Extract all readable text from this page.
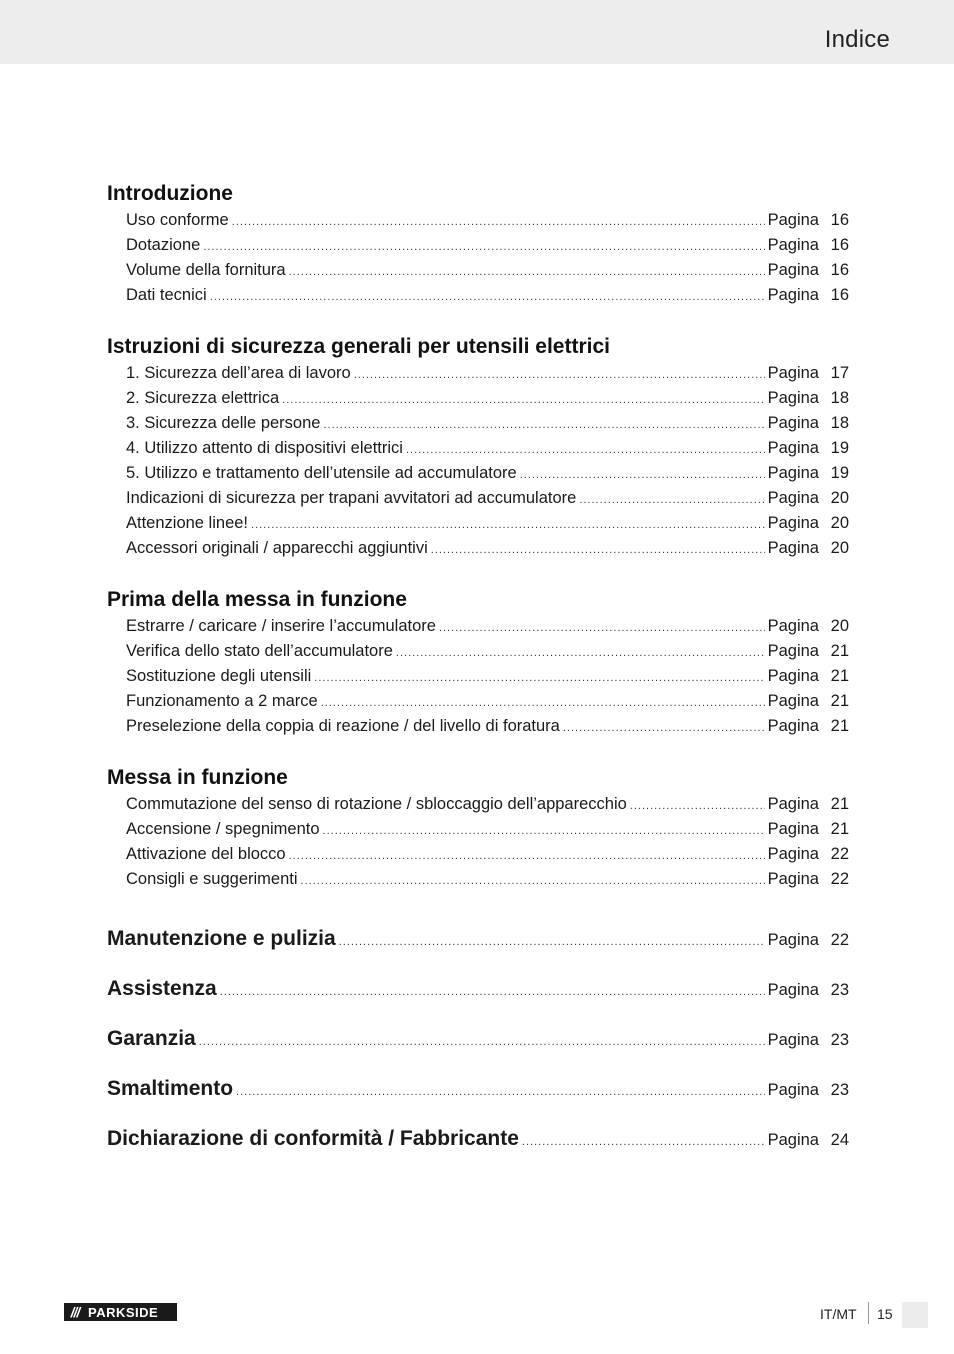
Indice
Introduzione
Uso conforme .....	Pagina 16
Dotazione .....	Pagina 16
Volume della fornitura .....	Pagina 16
Dati tecnici .....	Pagina 16
Istruzioni di sicurezza generali per utensili elettrici
1. Sicurezza dell’area di lavoro .....	Pagina 17
2. Sicurezza elettrica .....	Pagina 18
3. Sicurezza delle persone .....	Pagina 18
4. Utilizzo attento di dispositivi elettrici .....	Pagina 19
5. Utilizzo e trattamento dell’utensile ad accumulatore .....	Pagina 19
Indicazioni di sicurezza per trapani avvitatori ad accumulatore .....	Pagina 20
Attenzione linee! .....	Pagina 20
Accessori originali / apparecchi aggiuntivi .....	Pagina 20
Prima della messa in funzione
Estrarre / caricare / inserire l’accumulatore .....	Pagina 20
Verifica dello stato dell’accumulatore .....	Pagina 21
Sostituzione degli utensili .....	Pagina 21
Funzionamento a 2 marce .....	Pagina 21
Preselezione della coppia di reazione / del livello di foratura .....	Pagina 21
Messa in funzione
Commutazione del senso di rotazione / sbloccaggio dell’apparecchio .....	Pagina 21
Accensione / spegnimento .....	Pagina 21
Attivazione del blocco .....	Pagina 22
Consigli e suggerimenti .....	Pagina 22
Manutenzione e pulizia .....	Pagina 22
Assistenza .....	Pagina 23
Garanzia .....	Pagina 23
Smaltimento .....	Pagina 23
Dichiarazione di conformità / Fabbricante .....	Pagina 24
/// PARKSIDE	IT/MT 15
